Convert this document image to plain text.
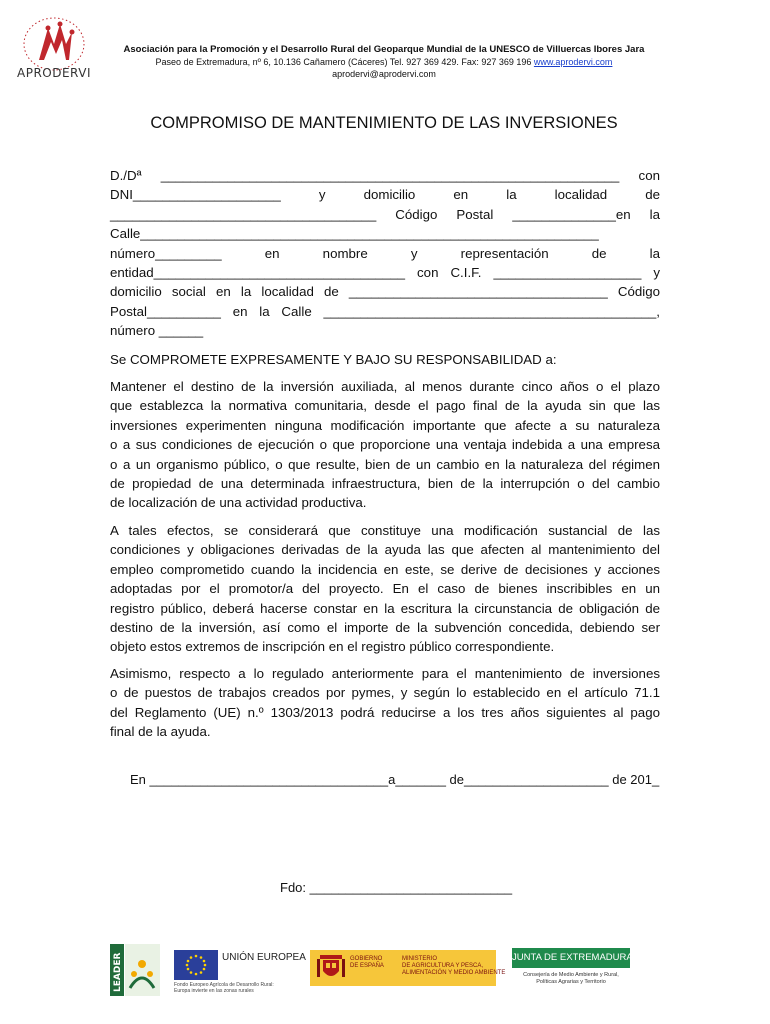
APRODERVI
Asociación para la Promoción y el Desarrollo Rural del Geoparque Mundial de la UNESCO de Villuercas Ibores Jara
Paseo de Extremadura, nº 6, 10.136 Cañamero (Cáceres) Tel. 927 369 429. Fax: 927 369 196 www.aprodervi.com
aprodervi@aprodervi.com
COMPROMISO DE MANTENIMIENTO DE LAS INVERSIONES
D./Dª ______________________________________________________________ con
DNI____________________ y domicilio en la localidad de
____________________________________ Código Postal ______________en la
Calle______________________________________________________________
número_________ en nombre y representación de la
entidad__________________________________ con C.I.F. ____________________ y
domicilio social en la localidad de ___________________________________ Código
Postal__________ en la Calle _____________________________________________,
número ______
Se COMPROMETE EXPRESAMENTE Y BAJO SU RESPONSABILIDAD a:
Mantener el destino de la inversión auxiliada, al menos durante cinco años o el plazo
que establezca la normativa comunitaria, desde el pago final de la ayuda sin que las
inversiones experimenten ninguna modificación importante que afecte a su naturaleza
o a sus condiciones de ejecución o que proporcione una ventaja indebida a una empresa
o a un organismo público, o que resulte, bien de un cambio en la naturaleza del régimen
de propiedad de una determinada infraestructura, bien de la interrupción o del cambio
de localización de una actividad productiva.
A tales efectos, se considerará que constituye una modificación sustancial de las
condiciones y obligaciones derivadas de la ayuda las que afecten al mantenimiento del
empleo comprometido cuando la incidencia en este, se derive de decisiones y acciones
adoptadas por el promotor/a del proyecto. En el caso de bienes inscribibles en un
registro público, deberá hacerse constar en la escritura la circunstancia de obligación de
destino de la inversión, así como el importe de la subvención concedida, debiendo ser
objeto estos extremos de inscripción en el registro público correspondiente.
Asimismo, respecto a lo regulado anteriormente para el mantenimiento de inversiones
o de puestos de trabajos creados por pymes, y según lo establecido en el artículo 71.1
del Reglamento (UE) n.º 1303/2013 podrá reducirse a los tres años siguientes al pago
final de la ayuda.
En _________________________________a_______ de____________________ de 201_
Fdo: ____________________________
LEADER	UNIÓN EUROPEA
Fondo Europeo Agrícola de Desarrollo Rural:
Europa invierte en las zonas rurales
GOBIERNO
DE ESPAÑA
MINISTERIO
DE AGRICULTURA Y PESCA,
ALIMENTACIÓN Y MEDIO AMBIENTE
JUNTA DE EXTREMADURA
Consejería de Medio Ambiente y Rural,
Políticas Agrarias y Territorio
